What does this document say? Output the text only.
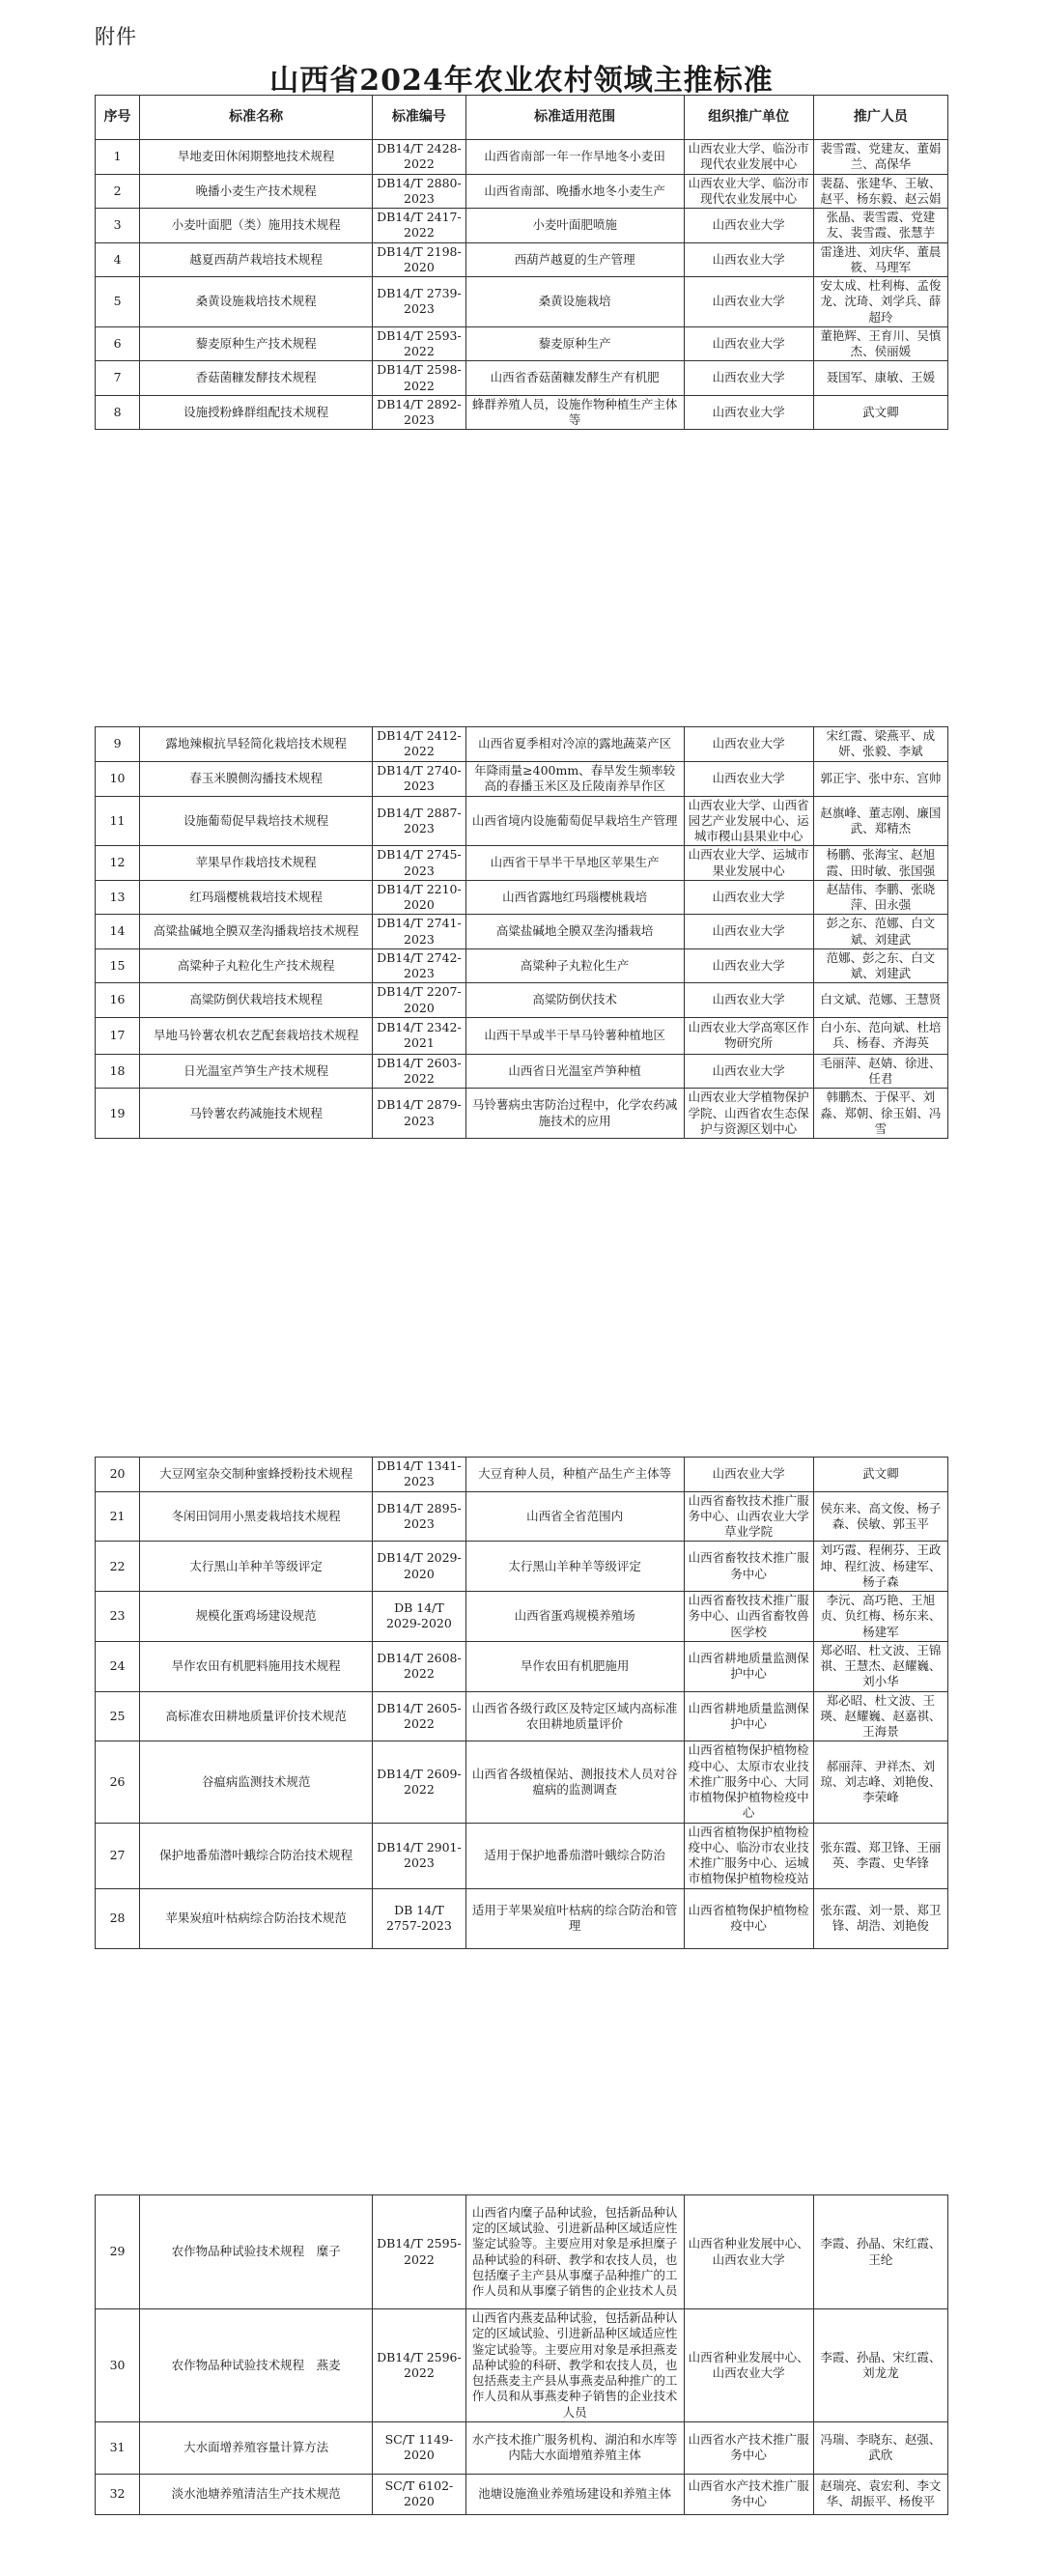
附件
山西省2024年农业农村领域主推标准
序号	标准名称	标准编号	标准适用范围	组织推广单位	推广人员
1	旱地麦田休闲期整地技术规程	DB14/T 2428-2022	山西省南部一年一作旱地冬小麦田	山西农业大学、临汾市现代农业发展中心	裴雪霞、党建友、董娟兰、高保华
2	晚播小麦生产技术规程	DB14/T 2880-2023	山西省南部、晚播水地冬小麦生产	山西农业大学、临汾市现代农业发展中心	裴磊、张建华、王敏、赵平、杨东毅、赵云娟
3	小麦叶面肥（类）施用技术规程	DB14/T 2417-2022	小麦叶面肥喷施	山西农业大学	张晶、裴雪霞、党建友、裴雪霞、张慧芋
4	越夏西葫芦栽培技术规程	DB14/T 2198-2020	西葫芦越夏的生产管理	山西农业大学	雷逢进、刘庆华、董晨筱、马理军
5	桑黄设施栽培技术规程	DB14/T 2739-2023	桑黄设施栽培	山西农业大学	安太成、杜利梅、孟俊龙、沈琦、刘学兵、薛超玲
6	藜麦原种生产技术规程	DB14/T 2593-2022	藜麦原种生产	山西农业大学	董艳辉、王育川、吴慎杰、侯丽媛
7	香菇菌糠发酵技术规程	DB14/T 2598-2022	山西省香菇菌糠发酵生产有机肥	山西农业大学	聂国军、康敏、王媛
8	设施授粉蜂群组配技术规程	DB14/T 2892-2023	蜂群养殖人员，设施作物种植生产主体等	山西农业大学	武文卿
9	露地辣椒抗旱轻简化栽培技术规程	DB14/T 2412-2022	山西省夏季相对冷凉的露地蔬菜产区	山西农业大学	宋红霞、梁燕平、成妍、张毅、李斌
10	春玉米膜侧沟播技术规程	DB14/T 2740-2023	年降雨量≥400mm、春旱发生频率较高的春播玉米区及丘陵南养早作区	山西农业大学	郭正宇、张中东、宫帅
11	设施葡萄促早栽培技术规程	DB14/T 2887-2023	山西省境内设施葡萄促早栽培生产管理	山西农业大学、山西省园艺产业发展中心、运城市稷山县果业中心	赵旗峰、董志刚、廉国武、郑精杰
12	苹果早作栽培技术规程	DB14/T 2745-2023	山西省干旱半干旱地区苹果生产	山西农业大学、运城市果业发展中心	杨鹏、张海宝、赵旭霞、田时敏、张国强
13	红玛瑙樱桃栽培技术规程	DB14/T 2210-2020	山西省露地红玛瑙樱桃栽培	山西农业大学	赵喆伟、李鹏、张晓萍、田永强
14	高粱盐碱地全膜双垄沟播栽培技术规程	DB14/T 2741-2023	高粱盐碱地全膜双垄沟播栽培	山西农业大学	彭之东、范娜、白文斌、刘建武
15	高粱种子丸粒化生产技术规程	DB14/T 2742-2023	高粱种子丸粒化生产	山西农业大学	范娜、彭之东、白文斌、刘建武
16	高粱防倒伏栽培技术规程	DB14/T 2207-2020	高粱防倒伏技术	山西农业大学	白文斌、范娜、王慧贤
17	旱地马铃薯农机农艺配套栽培技术规程	DB14/T 2342-2021	山西干旱或半干旱马铃薯种植地区	山西农业大学高寒区作物研究所	白小东、范向斌、杜培兵、杨春、齐海英
18	日光温室芦笋生产技术规程	DB14/T 2603-2022	山西省日光温室芦笋种植	山西农业大学	毛丽萍、赵婧、徐进、任君
19	马铃薯农药减施技术规程	DB14/T 2879-2023	马铃薯病虫害防治过程中，化学农药减施技术的应用	山西农业大学植物保护学院、山西省农生态保护与资源区划中心	韩鹏杰、于保平、刘淼、郑朝、徐玉娟、冯雪
20	大豆网室杂交制种蜜蜂授粉技术规程	DB14/T 1341-2023	大豆育种人员，种植产品生产主体等	山西农业大学	武文卿
21	冬闲田饲用小黑麦栽培技术规程	DB14/T 2895-2023	山西省全省范围内	山西省畜牧技术推广服务中心、山西农业大学草业学院	侯东来、高文俊、杨子森、侯敏、郭玉平
22	太行黑山羊种羊等级评定	DB14/T 2029-2020	太行黑山羊种羊等级评定	山西省畜牧技术推广服务中心	刘巧霞、程俐芬、王政坤、程红波、杨建军、杨子森
23	规模化蛋鸡场建设规范	DB 14/T 2029-2020	山西省蛋鸡规模养殖场	山西省畜牧技术推广服务中心、山西省畜牧兽医学校	李沅、高巧艳、王旭贞、负红梅、杨东来、杨建军
24	旱作农田有机肥料施用技术规程	DB14/T 2608-2022	旱作农田有机肥施用	山西省耕地质量监测保护中心	郑必昭、杜文波、王锦祺、王慧杰、赵耀巍、刘小华
25	高标准农田耕地质量评价技术规范	DB14/T 2605-2022	山西省各级行政区及特定区域内高标准农田耕地质量评价	山西省耕地质量监测保护中心	郑必昭、杜文波、王瑛、赵耀巍、赵嘉祺、王海景
26	谷瘟病监测技术规范	DB14/T 2609-2022	山西省各级植保站、测报技术人员对谷瘟病的监测调查	山西省植物保护植物检疫中心、太原市农业技术推广服务中心、大同市植物保护植物检疫中心	郝丽萍、尹祥杰、刘琼、刘志峰、刘艳俊、李荣峰
27	保护地番茄潜叶蛾综合防治技术规程	DB14/T 2901-2023	适用于保护地番茄潜叶蛾综合防治	山西省植物保护植物检疫中心、临汾市农业技术推广服务中心、运城市植物保护植物检疫站	张东霞、郑卫锋、王丽英、李霞、史华锋
28	苹果炭疽叶枯病综合防治技术规范	DB 14/T 2757-2023	适用于苹果炭疽叶枯病的综合防治和管理	山西省植物保护植物检疫中心	张东霞、刘一景、郑卫锋、胡浩、刘艳俊
29	农作物品种试验技术规程　糜子	DB14/T 2595-2022	山西省内糜子品种试验，包括新品种认定的区域试验、引进新品种区域适应性鉴定试验等。主要应用对象是承担糜子品种试验的科研、教学和农技人员，也包括糜子主产县从事糜子品种推广的工作人员和从事糜子销售的企业技术人员	山西省种业发展中心、山西农业大学	李霞、孙晶、宋红霞、王纶
30	农作物品种试验技术规程　燕麦	DB14/T 2596-2022	山西省内燕麦品种试验，包括新品种认定的区域试验、引进新品种区域适应性鉴定试验等。主要应用对象是承担燕麦品种试验的科研、教学和农技人员，也包括燕麦主产县从事燕麦品种推广的工作人员和从事燕麦种子销售的企业技术人员	山西省种业发展中心、山西农业大学	李霞、孙晶、宋红霞、刘龙龙
31	大水面增养殖容量计算方法	SC/T 1149-2020	水产技术推广服务机构、湖泊和水库等内陆大水面增殖养殖主体	山西省水产技术推广服务中心	冯瑞、李晓东、赵强、武欣
32	淡水池塘养殖清洁生产技术规范	SC/T 6102-2020	池塘设施渔业养殖场建设和养殖主体	山西省水产技术推广服务中心	赵瑞亮、袁宏利、李文华、胡振平、杨俊平
